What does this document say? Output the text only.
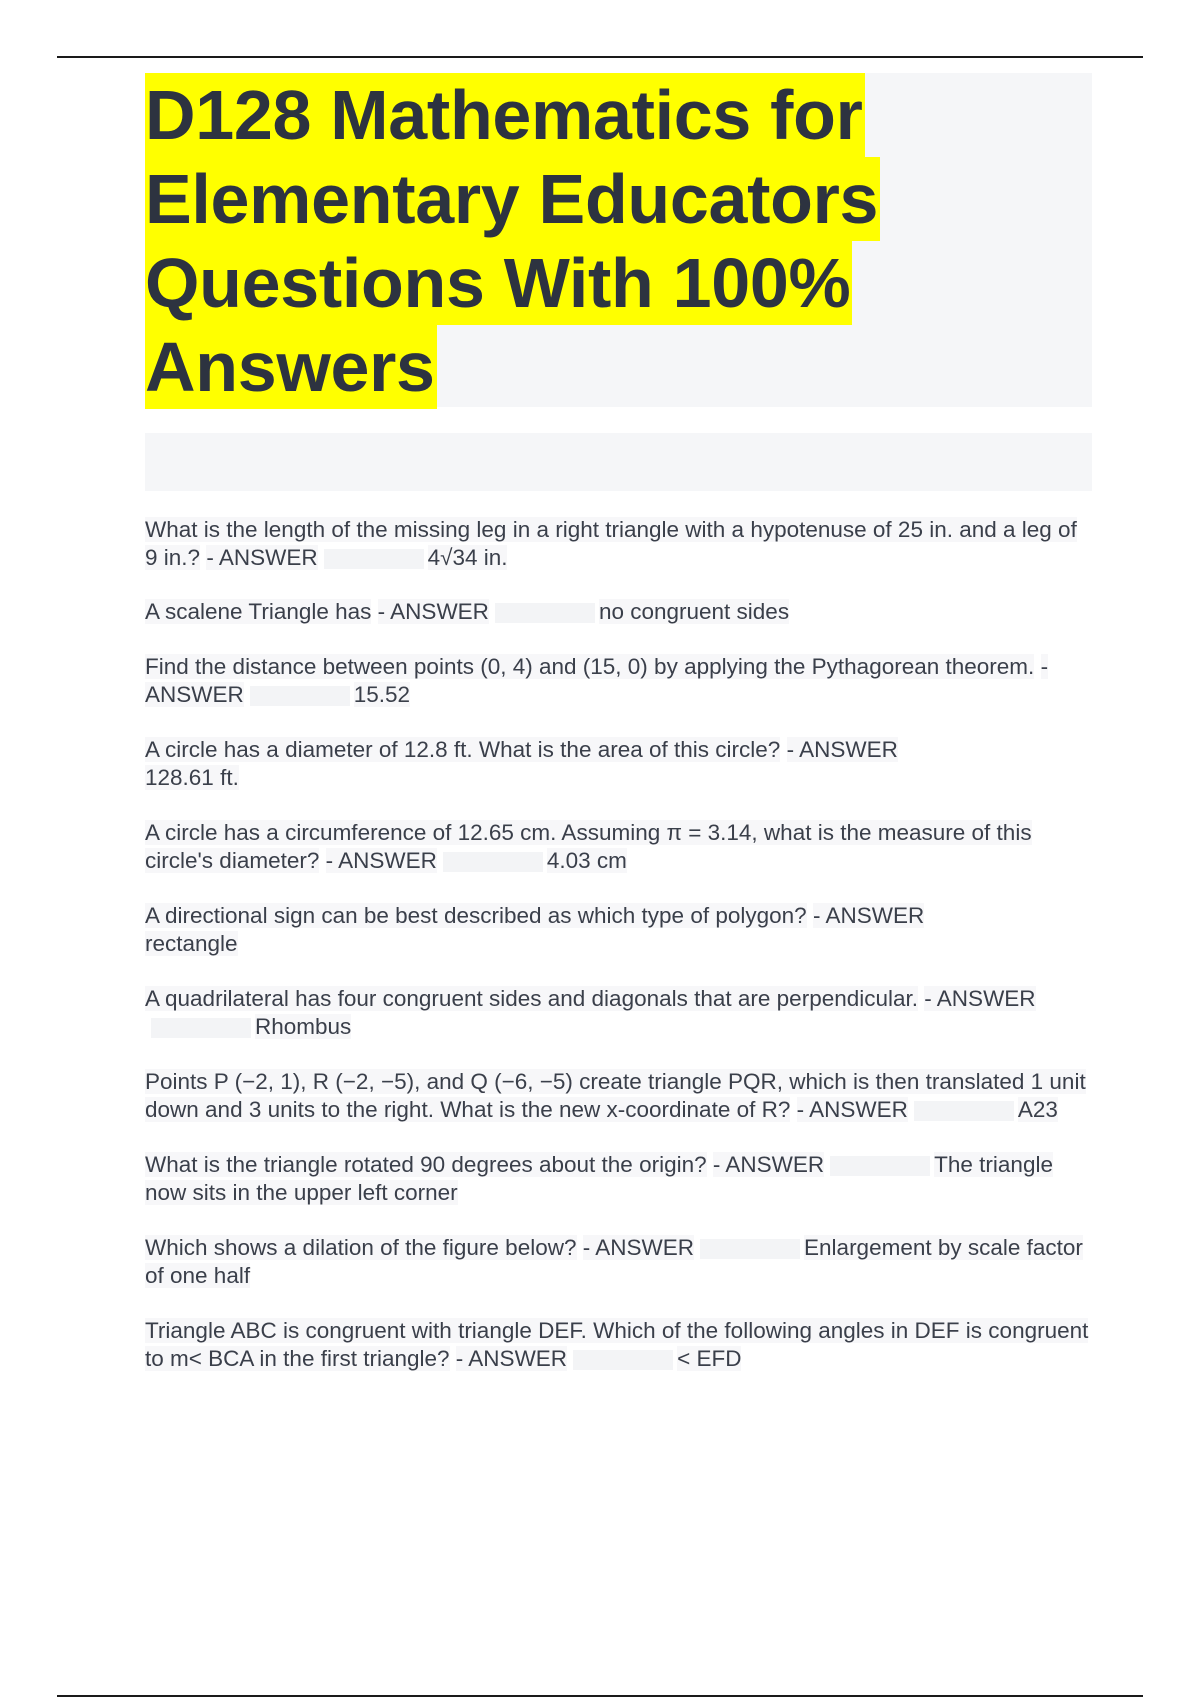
D128 Mathematics for
Elementary Educators
Questions With 100%
Answers

What is the length of the missing leg in a right triangle with a hypotenuse of 25 in. and a leg of 9 in.? - ANSWER	4√34 in.

A scalene Triangle has - ANSWER	no congruent sides

Find the distance between points (0, 4) and (15, 0) by applying the Pythagorean theorem. - ANSWER	15.52

A circle has a diameter of 12.8 ft. What is the area of this circle? - ANSWER
128.61 ft.

A circle has a circumference of 12.65 cm. Assuming π = 3.14, what is the measure of this circle's diameter? - ANSWER	4.03 cm

A directional sign can be best described as which type of polygon? - ANSWER
rectangle

A quadrilateral has four congruent sides and diagonals that are perpendicular. - ANSWERRhombus

Points P (−2, 1), R (−2, −5), and Q (−6, −5) create triangle PQR, which is then translated 1 unit down and 3 units to the right. What is the new x-coordinate of R? - ANSWER	A23

What is the triangle rotated 90 degrees about the origin? - ANSWER	The triangle now sits in the upper left corner

Which shows a dilation of the figure below? - ANSWER	Enlargement by scale factor of one half

Triangle ABC is congruent with triangle DEF. Which of the following angles in DEF is congruent to m< BCA in the first triangle? - ANSWER	< EFD
